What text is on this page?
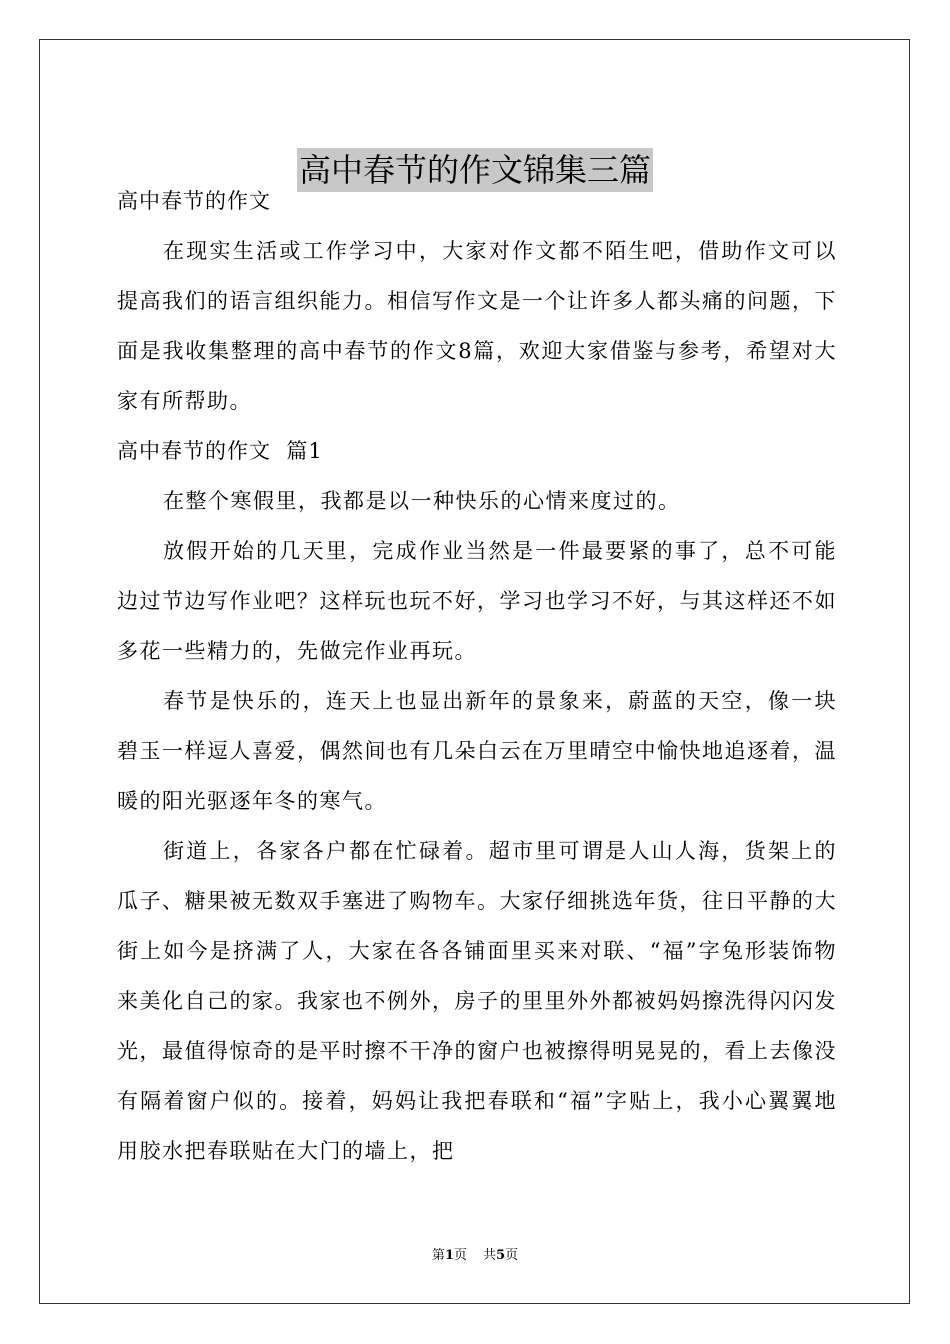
高中春节的作文锦集三篇

高中春节的作文

在现实生活或工作学习中，大家对作文都不陌生吧，借助作文可以提高我们的语言组织能力。相信写作文是一个让许多人都头痛的问题，下面是我收集整理的高中春节的作文8篇，欢迎大家借鉴与参考，希望对大家有所帮助。

高中春节的作文  篇1

在整个寒假里，我都是以一种快乐的心情来度过的。

放假开始的几天里，完成作业当然是一件最要紧的事了，总不可能边过节边写作业吧？这样玩也玩不好，学习也学习不好，与其这样还不如多花一些精力的，先做完作业再玩。

春节是快乐的，连天上也显出新年的景象来，蔚蓝的天空，像一块碧玉一样逗人喜爱，偶然间也有几朵白云在万里晴空中愉快地追逐着，温暖的阳光驱逐年冬的寒气。

街道上，各家各户都在忙碌着。超市里可谓是人山人海，货架上的瓜子、糖果被无数双手塞进了购物车。大家仔细挑选年货，往日平静的大街上如今是挤满了人，大家在各各铺面里买来对联、“福”字兔形装饰物来美化自己的家。我家也不例外，房子的里里外外都被妈妈擦洗得闪闪发光，最值得惊奇的是平时擦不干净的窗户也被擦得明晃晃的，看上去像没有隔着窗户似的。接着，妈妈让我把春联和“福”字贴上，我小心翼翼地用胶水把春联贴在大门的墙上，把

第1页 共5页
